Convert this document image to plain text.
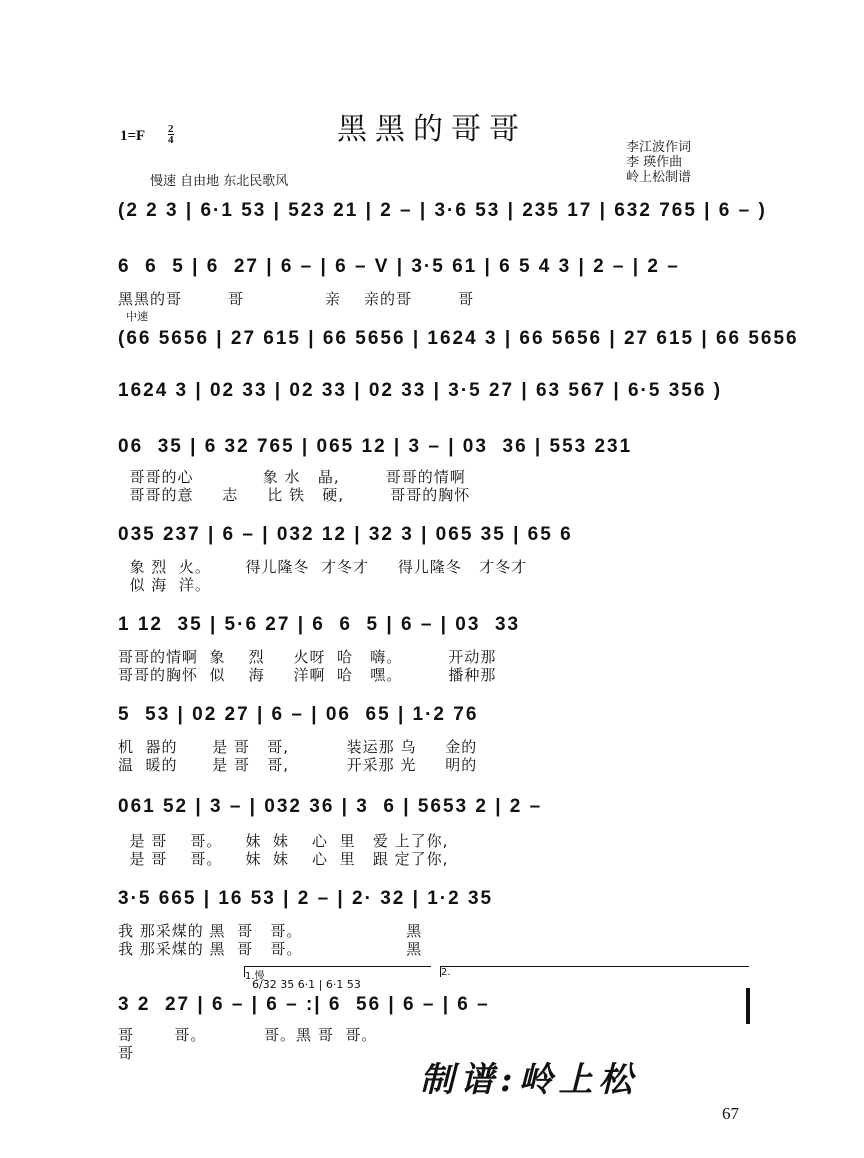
黑黑的哥哥
1=F 2
4	李江波作词
李 瑛作曲
岭上松制谱
慢速 自由地 东北民歌风
(2 2 3 | 6·1 53 | 523 21 | 2 – | 3·6 53 | 235 17 | 632 765 | 6 – )
6  6  5 | 6  27 | 6 – | 6 – V | 3·5 61 | 6 5 4 3 | 2 – | 2 –
黑黑的哥        哥              亲    亲的哥        哥
中速
(66 5656 | 27 615 | 66 5656 | 1624 3 | 66 5656 | 27 615 | 66 5656
1624 3 | 02 33 | 02 33 | 02 33 | 3·5 27 | 63 567 | 6·5 356 )
06  35 | 6 32 765 | 065 12 | 3 – | 03  36 | 553 231
哥哥的心            象 水   晶,        哥哥的情啊
哥哥的意     志     比 铁   硬,        哥哥的胸怀
035 237 | 6 – | 032 12 | 32 3 | 065 35 | 65 6
象 烈  火。      得儿隆冬  才冬才     得儿隆冬   才冬才
似 海  洋。
1 12  35 | 5·6 27 | 6  6  5 | 6 – | 03  33
哥哥的情啊  象    烈     火呀  哈   嗨。        开动那
哥哥的胸怀  似    海     洋啊  哈   嘿。        播种那
5  53 | 02 27 | 6 – | 06  65 | 1·2 76
机  器的      是 哥   哥,          装运那 乌     金的
温  暖的      是 哥   哥,          开采那 光     明的
061 52 | 3 – | 032 36 | 3  6 | 5653 2 | 2 –
是 哥    哥。    妹  妹    心  里   爱 上了你,
是 哥    哥。    妹  妹    心  里   跟 定了你,
3·5 665 | 16 53 | 2 – | 2· 32 | 1·2 35
我 那采煤的 黑  哥   哥。                  黑
我 那采煤的 黑  哥   哥。                  黑
1.慢
6/32 35 6·1 | 6·1 53
2.
3 2  27 | 6 – | 6 – :| 6  56 | 6 – | 6 –
哥       哥。          哥。黑 哥  哥。
哥
制谱:岭上松
67
